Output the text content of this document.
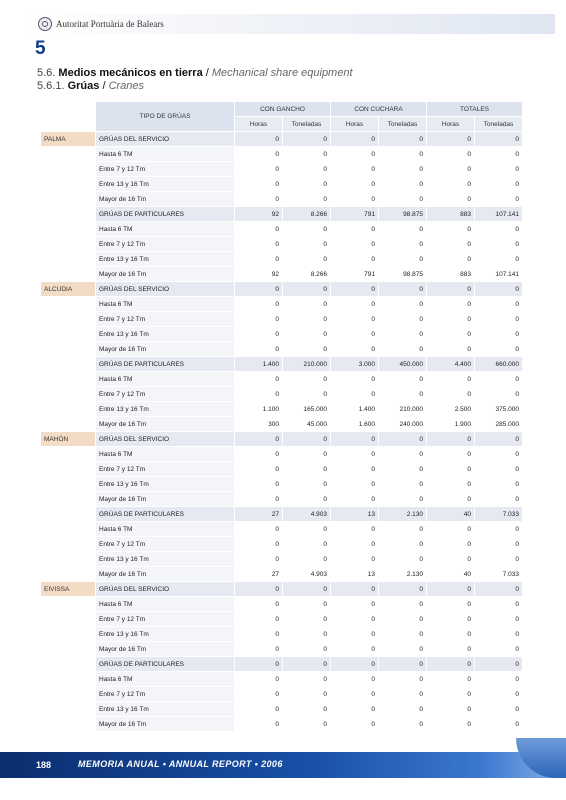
Autoritat Portuària de Balears
5
5.6. Medios mecánicos en tierra / Mechanical share equipment
5.6.1. Grúas / Cranes
	TIPO DE GRÚAS	CON GANCHO		CON CUCHARA		TOTALES	
		Horas	Toneladas	Horas	Toneladas	Horas	Toneladas
PALMA	GRÚAS DEL SERVICIO	0	0	0	0	0	0
	Hasta 6 TM	0	0	0	0	0	0
	Entre 7 y 12 Tm	0	0	0	0	0	0
	Entre 13 y 16 Tm	0	0	0	0	0	0
	Mayor de 16 Tm	0	0	0	0	0	0
	GRÚAS DE PARTICULARES	92	8.266	791	98.875	883	107.141
	Hasta 6 TM	0	0	0	0	0	0
	Entre 7 y 12 Tm	0	0	0	0	0	0
	Entre 13 y 16 Tm	0	0	0	0	0	0
	Mayor de 16 Tm	92	8.266	791	98.875	883	107.141
ALCUDIA	GRÚAS DEL SERVICIO	0	0	0	0	0	0
	Hasta 6 TM	0	0	0	0	0	0
	Entre 7 y 12 Tm	0	0	0	0	0	0
	Entre 13 y 16 Tm	0	0	0	0	0	0
	Mayor de 16 Tm	0	0	0	0	0	0
	GRÚAS DE PARTICULARES	1.400	210.000	3.000	450.000	4.400	660.000
	Hasta 6 TM	0	0	0	0	0	0
	Entre 7 y 12 Tm	0	0	0	0	0	0
	Entre 13 y 16 Tm	1.100	165.000	1.400	210.000	2.500	375.000
	Mayor de 16 Tm	300	45.000	1.600	240.000	1.900	285.000
MAHÓN	GRÚAS DEL SERVICIO	0	0	0	0	0	0
	Hasta 6 TM	0	0	0	0	0	0
	Entre 7 y 12 Tm	0	0	0	0	0	0
	Entre 13 y 16 Tm	0	0	0	0	0	0
	Mayor de 16 Tm	0	0	0	0	0	0
	GRÚAS DE PARTICULARES	27	4.903	13	2.130	40	7.033
	Hasta 6 TM	0	0	0	0	0	0
	Entre 7 y 12 Tm	0	0	0	0	0	0
	Entre 13 y 16 Tm	0	0	0	0	0	0
	Mayor de 16 Tm	27	4.903	13	2.130	40	7.033
EIVISSA	GRÚAS DEL SERVICIO	0	0	0	0	0	0
	Hasta 6 TM	0	0	0	0	0	0
	Entre 7 y 12 Tm	0	0	0	0	0	0
	Entre 13 y 16 Tm	0	0	0	0	0	0
	Mayor de 16 Tm	0	0	0	0	0	0
	GRÚAS DE PARTICULARES	0	0	0	0	0	0
	Hasta 6 TM	0	0	0	0	0	0
	Entre 7 y 12 Tm	0	0	0	0	0	0
	Entre 13 y 16 Tm	0	0	0	0	0	0
	Mayor de 16 Tm	0	0	0	0	0	0
188	MEMORIA ANUAL • ANNUAL REPORT • 2006
